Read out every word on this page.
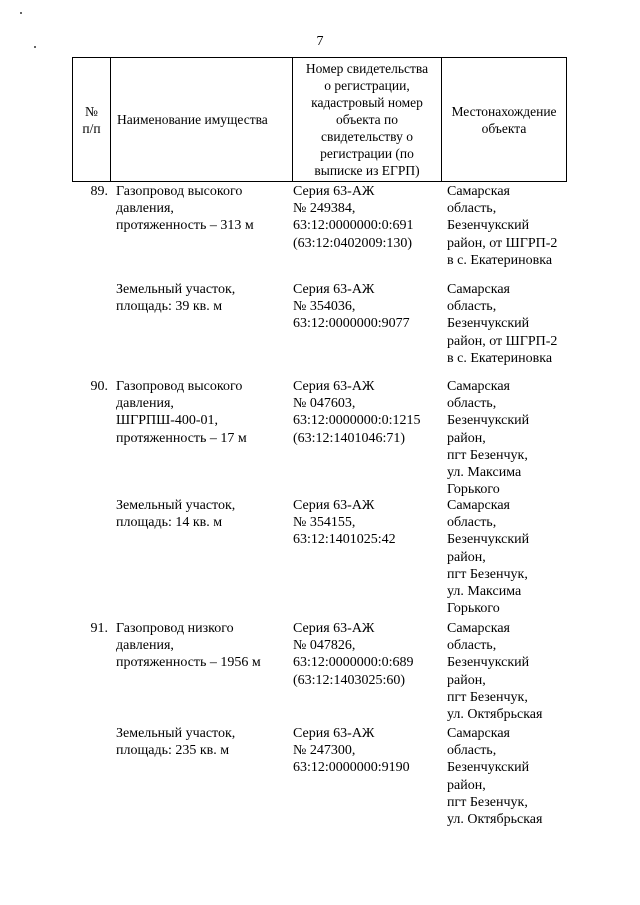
7
№
п/п
Наименование имущества
Номер свидетельства
о регистрации,
кадастровый номер
объекта по
свидетельству о
регистрации (по
выписке из ЕГРП)
Местонахождение
объекта
89. Газопровод высокого
давления,
протяженность – 313 м
Серия 63-АЖ
№ 249384,
63:12:0000000:0:691
(63:12:0402009:130)
Самарская
область,
Безенчукский
район, от ШГРП-2
в с. Екатериновка
Земельный участок,
площадь: 39 кв. м
Серия 63-АЖ
№ 354036,
63:12:0000000:9077
Самарская
область,
Безенчукский
район, от ШГРП-2
в с. Екатериновка
90. Газопровод высокого
давления,
ШГРПШ-400-01,
протяженность – 17 м
Серия 63-АЖ
№ 047603,
63:12:0000000:0:1215
(63:12:1401046:71)
Самарская
область,
Безенчукский
район,
пгт Безенчук,
ул. Максима
Горького
Земельный участок,
площадь: 14 кв. м
Серия 63-АЖ
№ 354155,
63:12:1401025:42
Самарская
область,
Безенчукский
район,
пгт Безенчук,
ул. Максима
Горького
91. Газопровод низкого
давления,
протяженность – 1956 м
Серия 63-АЖ
№ 047826,
63:12:0000000:0:689
(63:12:1403025:60)
Самарская
область,
Безенчукский
район,
пгт Безенчук,
ул. Октябрьская
Земельный участок,
площадь: 235 кв. м
Серия 63-АЖ
№ 247300,
63:12:0000000:9190
Самарская
область,
Безенчукский
район,
пгт Безенчук,
ул. Октябрьская
